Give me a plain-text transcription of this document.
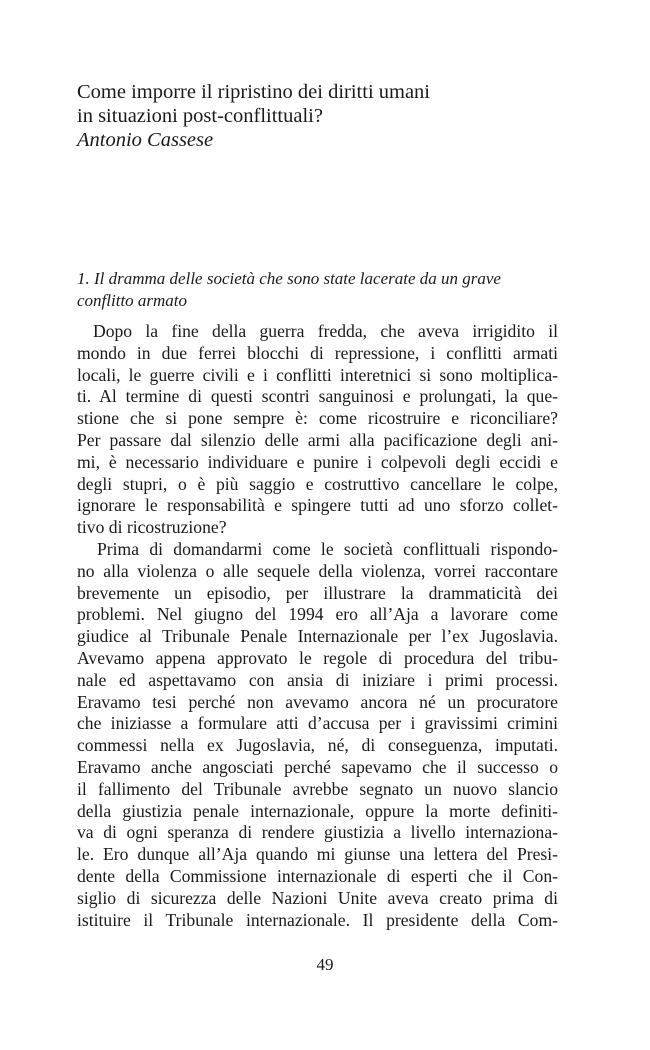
Come imporre il ripristino dei diritti umani
in situazioni post-conflittuali?
Antonio Cassese
1. Il dramma delle società che sono state lacerate da un grave
conflitto armato
Dopo la fine della guerra fredda, che aveva irrigidito il
mondo in due ferrei blocchi di repressione, i conflitti armati
locali, le guerre civili e i conflitti interetnici si sono moltiplica-
ti. Al termine di questi scontri sanguinosi e prolungati, la que-
stione che si pone sempre è: come ricostruire e riconciliare?
Per passare dal silenzio delle armi alla pacificazione degli ani-
mi, è necessario individuare e punire i colpevoli degli eccidi e
degli stupri, o è più saggio e costruttivo cancellare le colpe,
ignorare le responsabilità e spingere tutti ad uno sforzo collet-
tivo di ricostruzione?
Prima di domandarmi come le società conflittuali rispondo-
no alla violenza o alle sequele della violenza, vorrei raccontare
brevemente un episodio, per illustrare la drammaticità dei
problemi. Nel giugno del 1994 ero all’Aja a lavorare come
giudice al Tribunale Penale Internazionale per l’ex Jugoslavia.
Avevamo appena approvato le regole di procedura del tribu-
nale ed aspettavamo con ansia di iniziare i primi processi.
Eravamo tesi perché non avevamo ancora né un procuratore
che iniziasse a formulare atti d’accusa per i gravissimi crimini
commessi nella ex Jugoslavia, né, di conseguenza, imputati.
Eravamo anche angosciati perché sapevamo che il successo o
il fallimento del Tribunale avrebbe segnato un nuovo slancio
della giustizia penale internazionale, oppure la morte definiti-
va di ogni speranza di rendere giustizia a livello internaziona-
le. Ero dunque all’Aja quando mi giunse una lettera del Presi-
dente della Commissione internazionale di esperti che il Con-
siglio di sicurezza delle Nazioni Unite aveva creato prima di
istituire il Tribunale internazionale. Il presidente della Com-
49
